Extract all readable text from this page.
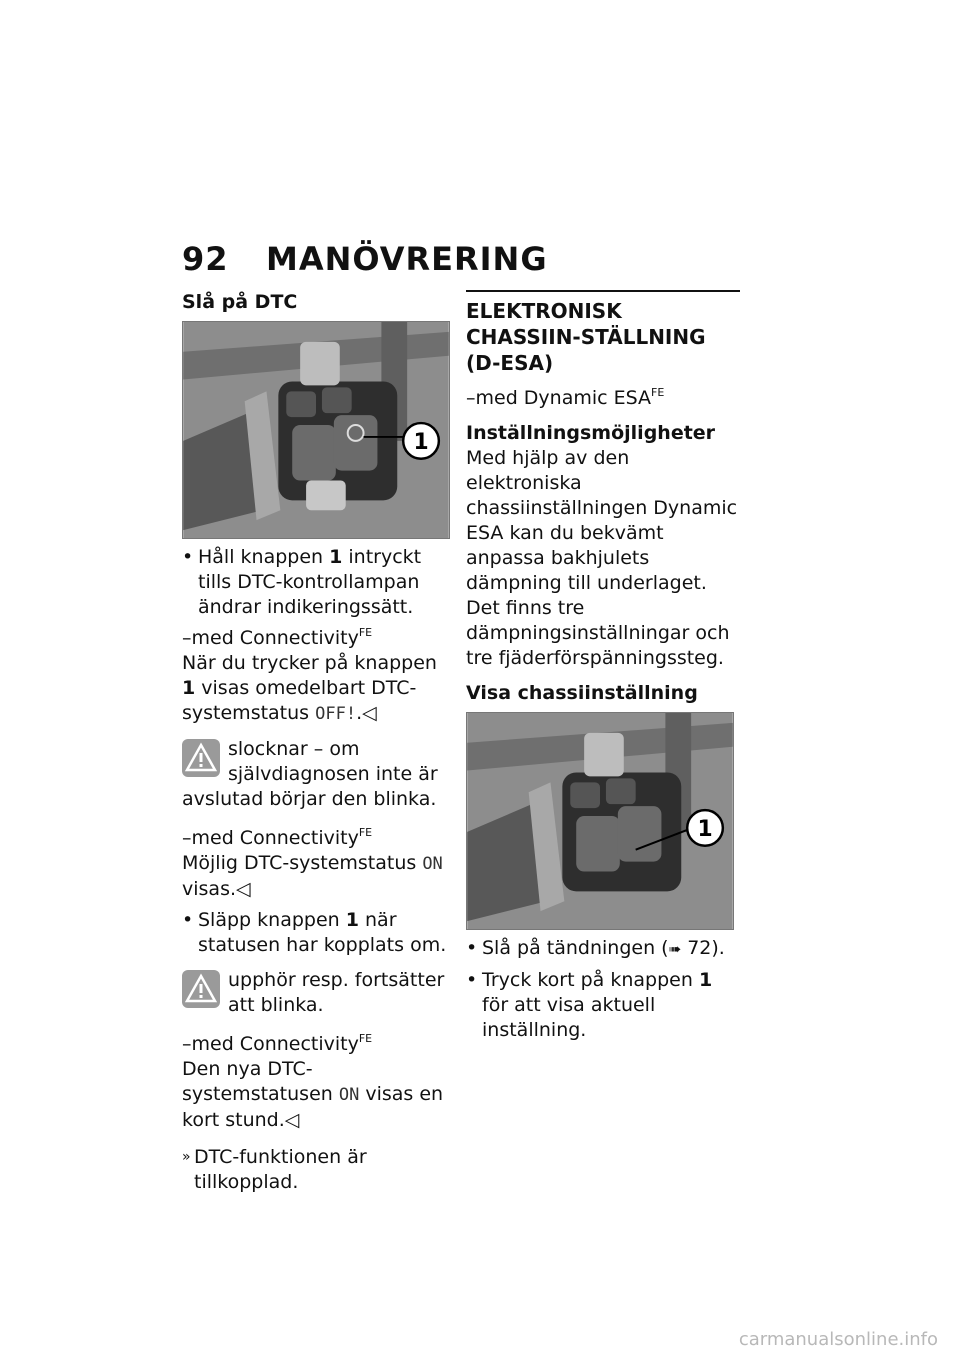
92 MANÖVRERING
Slå på DTC
1
• Håll knappen 1 intryckt tills DTC-kontrollampan ändrar indikeringssätt.

–med Connectivity$^{FE}$

När du trycker på knappen 1 visas omedelbart DTC-systemstatus OFF!.◁

slocknar – om självdiagnosen inte är avslutad börjar den blinka.

–med Connectivity$^{FE}$

Möjlig DTC-systemstatus ON visas.◁

• Släpp knappen 1 när statusen har kopplats om.
upphör resp. fortsätter att blinka.

–med Connectivity$^{FE}$

Den nya DTC-systemstatusen ON visas en kort stund.◁

» DTC-funktionen är tillkopplad.
ELEKTRONISK CHASSIIN-STÄLLNING (D-ESA)

–med Dynamic $ESA^{FE}$

Inställningsmöjligheter

Med hjälp av den elektroniska chassiinställningen Dynamic ESA kan du bekvämt anpassa bakhjulets dämpning till underlaget. Det finns tre dämpningsinställningar och tre fjäderförspänningssteg.

Visa chassiinställning
1
• Slå på tändningen (➠ 72).
• Tryck kort på knappen 1 för att visa aktuell inställning.
carmanualsonline.info
